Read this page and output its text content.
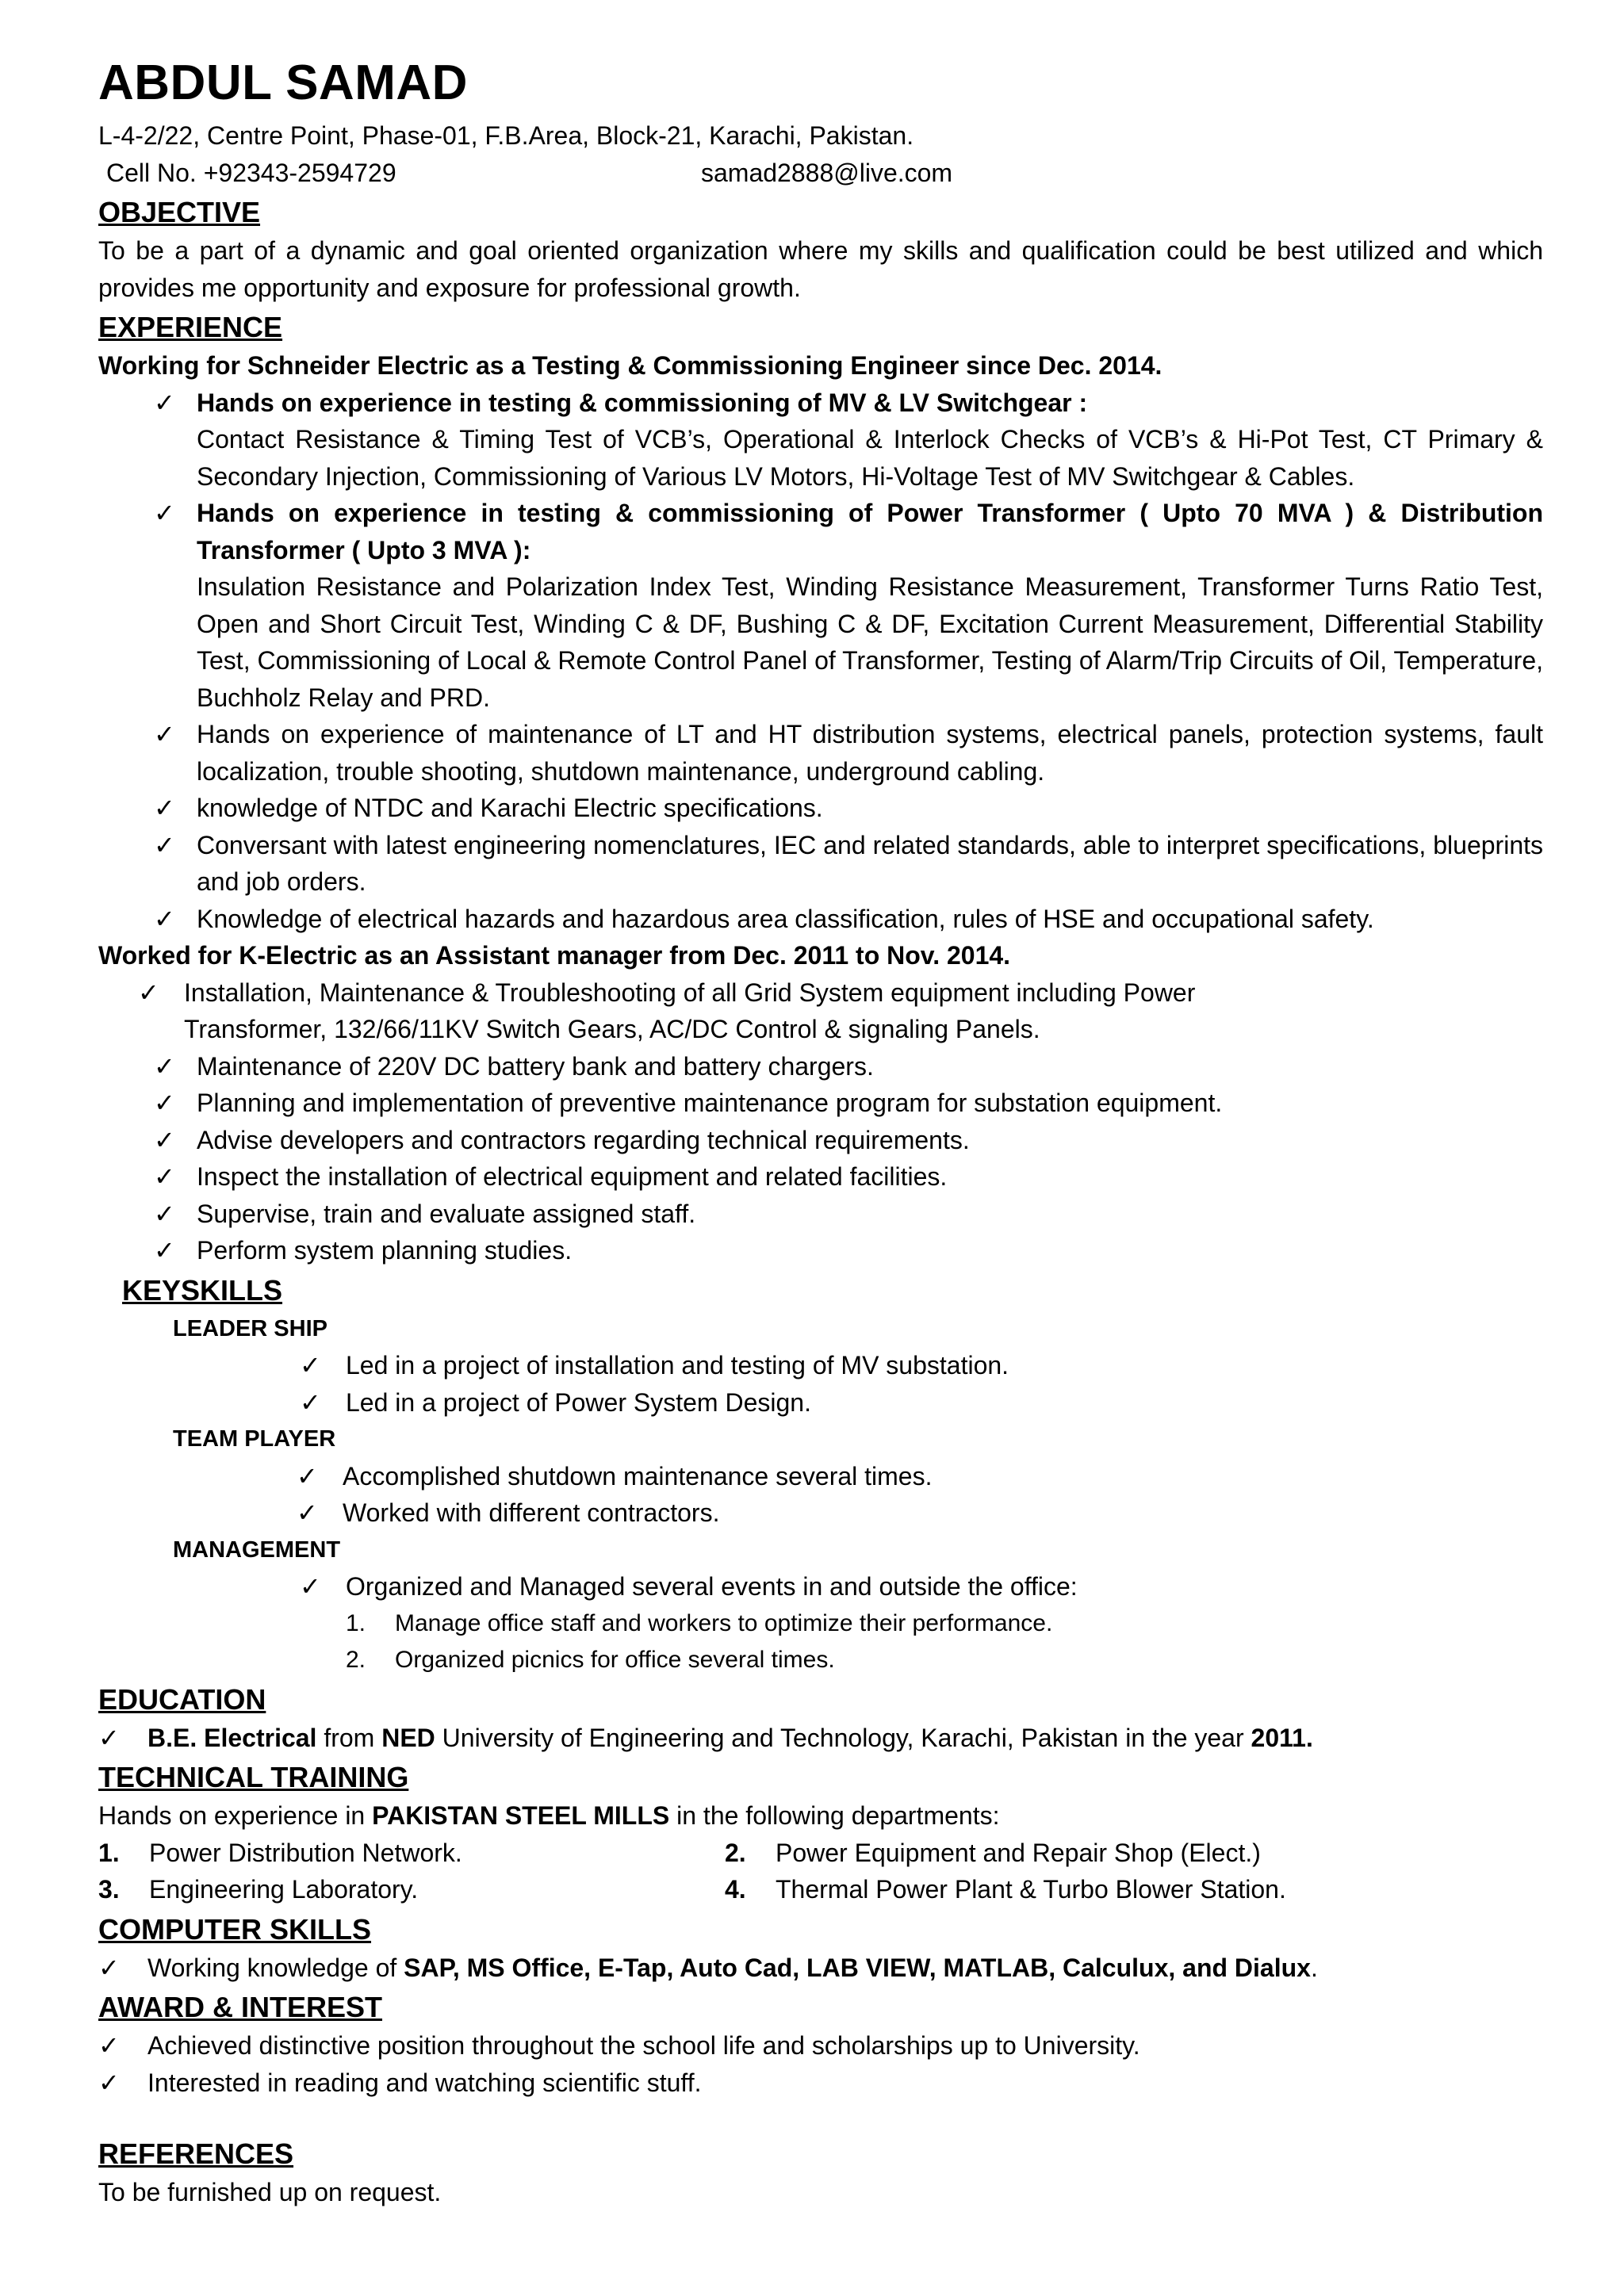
ABDUL SAMAD

L-4-2/22, Centre Point, Phase-01, F.B.Area, Block-21, Karachi, Pakistan.

Cell No. +92343-2594729	samad2888@live.com
OBJECTIVE

To be a part of a dynamic and goal oriented organization where my skills and qualification could be best utilized and which provides me opportunity and exposure for professional growth.

EXPERIENCE

Working for Schneider Electric as a Testing & Commissioning Engineer since Dec. 2014.

✓ Hands on experience in testing & commissioning of MV & LV Switchgear :
Contact Resistance & Timing Test of VCB’s, Operational & Interlock Checks of VCB’s & Hi-Pot Test, CT Primary & Secondary Injection, Commissioning of Various LV Motors, Hi-Voltage Test of MV Switchgear & Cables.
✓ Hands on experience in testing & commissioning of Power Transformer ( Upto 70 MVA ) & Distribution Transformer ( Upto 3 MVA ):
Insulation Resistance and Polarization Index Test, Winding Resistance Measurement, Transformer Turns Ratio Test, Open and Short Circuit Test, Winding C & DF, Bushing C & DF, Excitation Current Measurement, Differential Stability Test, Commissioning of Local & Remote Control Panel of Transformer, Testing of Alarm/Trip Circuits of Oil, Temperature, Buchholz Relay and PRD.
✓ Hands on experience of maintenance of LT and HT distribution systems, electrical panels, protection systems, fault localization, trouble shooting, shutdown maintenance, underground cabling.
✓ knowledge of NTDC and Karachi Electric specifications.
✓ Conversant with latest engineering nomenclatures, IEC and related standards, able to interpret specifications, blueprints and job orders.
✓ Knowledge of electrical hazards and hazardous area classification, rules of HSE and occupational safety.

Worked for K-Electric as an Assistant manager from Dec. 2011 to Nov. 2014.

✓ Installation, Maintenance & Troubleshooting of all Grid System equipment including Power Transformer, 132/66/11KV Switch Gears, AC/DC Control & signaling Panels.
✓ Maintenance of 220V DC battery bank and battery chargers.
✓ Planning and implementation of preventive maintenance program for substation equipment.
✓ Advise developers and contractors regarding technical requirements.
✓ Inspect the installation of electrical equipment and related facilities.
✓ Supervise, train and evaluate assigned staff.
✓ Perform system planning studies.
KEYSKILLS

LEADER SHIP

✓ Led in a project of installation and testing of MV substation.
✓ Led in a project of Power System Design.

TEAM PLAYER

✓ Accomplished shutdown maintenance several times.
✓ Worked with different contractors.

MANAGEMENT

✓ Organized and Managed several events in and outside the office:
1. Manage office staff and workers to optimize their performance.
2. Organized picnics for office several times.
EDUCATION

✓ B.E. Electrical from NED University of Engineering and Technology, Karachi, Pakistan in the year 2011.

TECHNICAL TRAINING

Hands on experience in PAKISTAN STEEL MILLS in the following departments:

1. Power Distribution Network.	2. Power Equipment and Repair Shop (Elect.)
3. Engineering Laboratory.	4. Thermal Power Plant & Turbo Blower Station.
COMPUTER SKILLS

✓ Working knowledge of SAP, MS Office, E-Tap, Auto Cad, LAB VIEW, MATLAB, Calculux, and Dialux.

AWARD & INTEREST

✓ Achieved distinctive position throughout the school life and scholarships up to University.

✓ Interested in reading and watching scientific stuff.

REFERENCES

To be furnished up on request.
